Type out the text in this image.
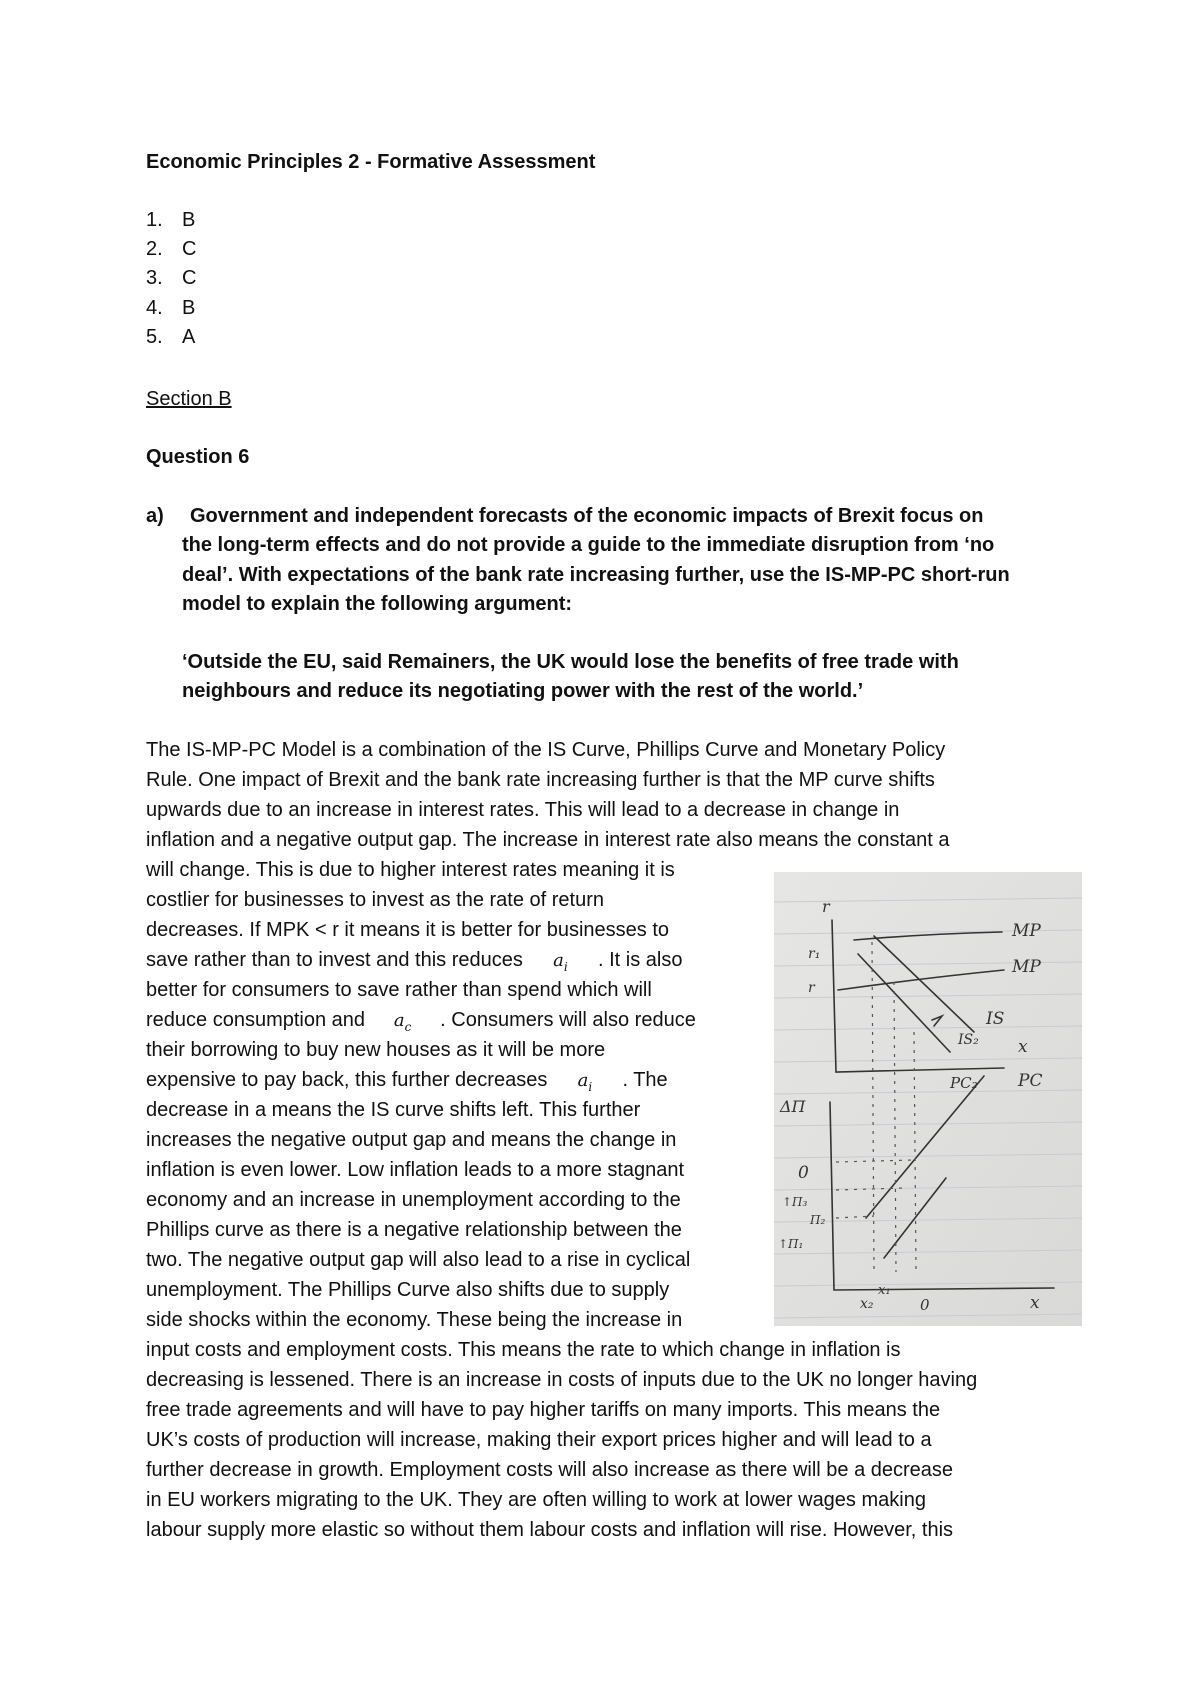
Economic Principles 2 - Formative Assessment
1. B
2. C
3. C
4. B
5. A
Section B
Question 6
a) Government and independent forecasts of the economic impacts of Brexit focus on
the long-term effects and do not provide a guide to the immediate disruption from ‘no
deal’. With expectations of the bank rate increasing further, use the IS-MP-PC short-run
model to explain the following argument:
‘Outside the EU, said Remainers, the UK would lose the benefits of free trade with
neighbours and reduce its negotiating power with the rest of the world.’
The IS-MP-PC Model is a combination of the IS Curve, Phillips Curve and Monetary Policy
Rule. One impact of Brexit and the bank rate increasing further is that the MP curve shifts
upwards due to an increase in interest rates. This will lead to a decrease in change in
inflation and a negative output gap. The increase in interest rate also means the constant a
will change. This is due to higher interest rates meaning it is
costlier for businesses to invest as the rate of return
decreases. If MPK < r it means it is better for businesses to
save rather than to invest and this reduces $a_i$ . It is also
better for consumers to save rather than spend which will
reduce consumption and $a_c$ . Consumers will also reduce
their borrowing to buy new houses as it will be more
expensive to pay back, this further decreases $a_i$ . The
decrease in a means the IS curve shifts left. This further
increases the negative output gap and means the change in
inflation is even lower. Low inflation leads to a more stagnant
economy and an increase in unemployment according to the
Phillips curve as there is a negative relationship between the
two. The negative output gap will also lead to a rise in cyclical
unemployment. The Phillips Curve also shifts due to supply
side shocks within the economy. These being the increase in
input costs and employment costs. This means the rate to which change in inflation is
decreasing is lessened. There is an increase in costs of inputs due to the UK no longer having
free trade agreements and will have to pay higher tariffs on many imports. This means the
UK’s costs of production will increase, making their export prices higher and will lead to a
further decrease in growth. Employment costs will also increase as there will be a decrease
in EU workers migrating to the UK. They are often willing to work at lower wages making
labour supply more elastic so without them labour costs and inflation will rise. However, this
r
r₁
r
MP
MP
IS
IS₂ x
PC₂ PC
ΔΠ
0
↑Π₃
Π₂
↑Π₁
x₂
x₁
0	x
